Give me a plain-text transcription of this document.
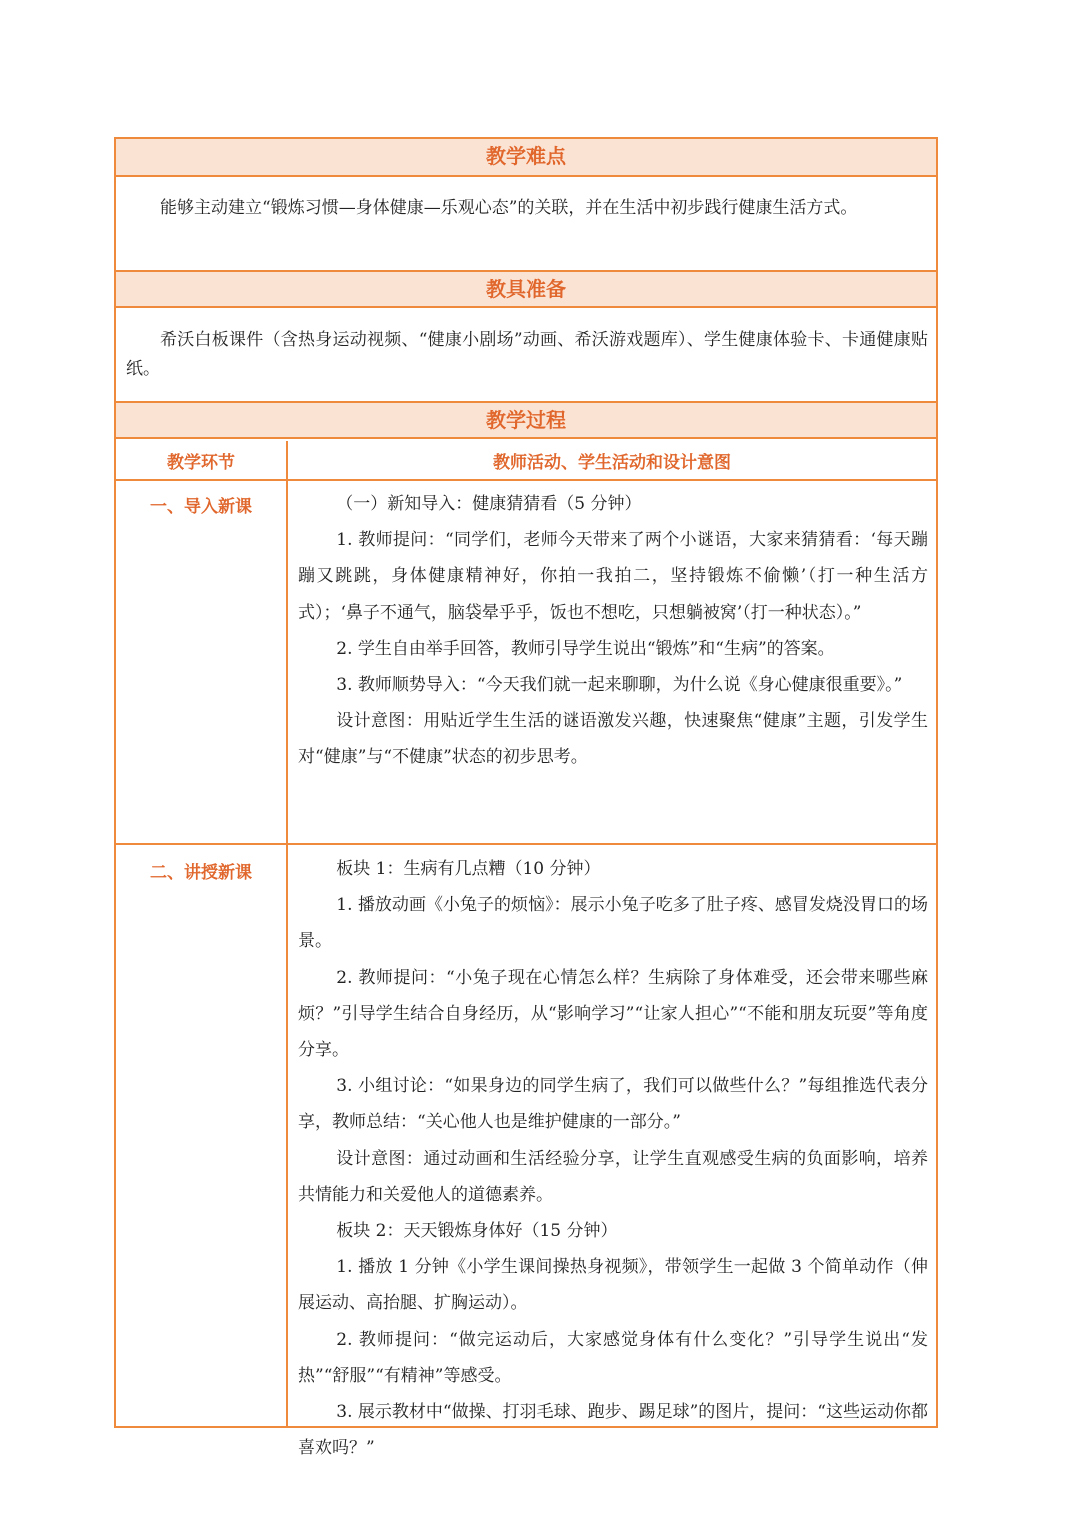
教学难点

能够主动建立“锻炼习惯—身体健康—乐观心态”的关联，并在生活中初步践行健康生活方式。

教具准备

希沃白板课件（含热身运动视频、“健康小剧场”动画、希沃游戏题库）、学生健康体验卡、卡通健康贴纸。

教学过程
教学环节	教师活动、学生活动和设计意图
一、导入新课	（一）新知导入：健康猜猜看（5 分钟）

1. 教师提问：“同学们，老师今天带来了两个小谜语，大家来猜猜看：‘每天蹦蹦又跳跳，身体健康精神好，你拍一我拍二，坚持锻炼不偷懒’（打一种生活方式）；‘鼻子不通气，脑袋晕乎乎，饭也不想吃，只想躺被窝’（打一种状态）。”

2. 学生自由举手回答，教师引导学生说出“锻炼”和“生病”的答案。

3. 教师顺势导入：“今天我们就一起来聊聊，为什么说《身心健康很重要》。”

设计意图：用贴近学生生活的谜语激发兴趣，快速聚焦“健康”主题，引发学生对“健康”与“不健康”状态的初步思考。

二、讲授新课	板块 1：生病有几点糟（10 分钟）

1. 播放动画《小兔子的烦恼》：展示小兔子吃多了肚子疼、感冒发烧没胃口的场景。

2. 教师提问：“小兔子现在心情怎么样？生病除了身体难受，还会带来哪些麻烦？”引导学生结合自身经历，从“影响学习”“让家人担心”“不能和朋友玩耍”等角度分享。

3. 小组讨论：“如果身边的同学生病了，我们可以做些什么？”每组推选代表分享，教师总结：“关心他人也是维护健康的一部分。”

设计意图：通过动画和生活经验分享，让学生直观感受生病的负面影响，培养共情能力和关爱他人的道德素养。

板块 2：天天锻炼身体好（15 分钟）

1. 播放 1 分钟《小学生课间操热身视频》，带领学生一起做 3 个简单动作（伸展运动、高抬腿、扩胸运动）。

2. 教师提问：“做完运动后，大家感觉身体有什么变化？”引导学生说出“发热”“舒服”“有精神”等感受。

3. 展示教材中“做操、打羽毛球、跑步、踢足球”的图片，提问：“这些运动你都喜欢吗？”
